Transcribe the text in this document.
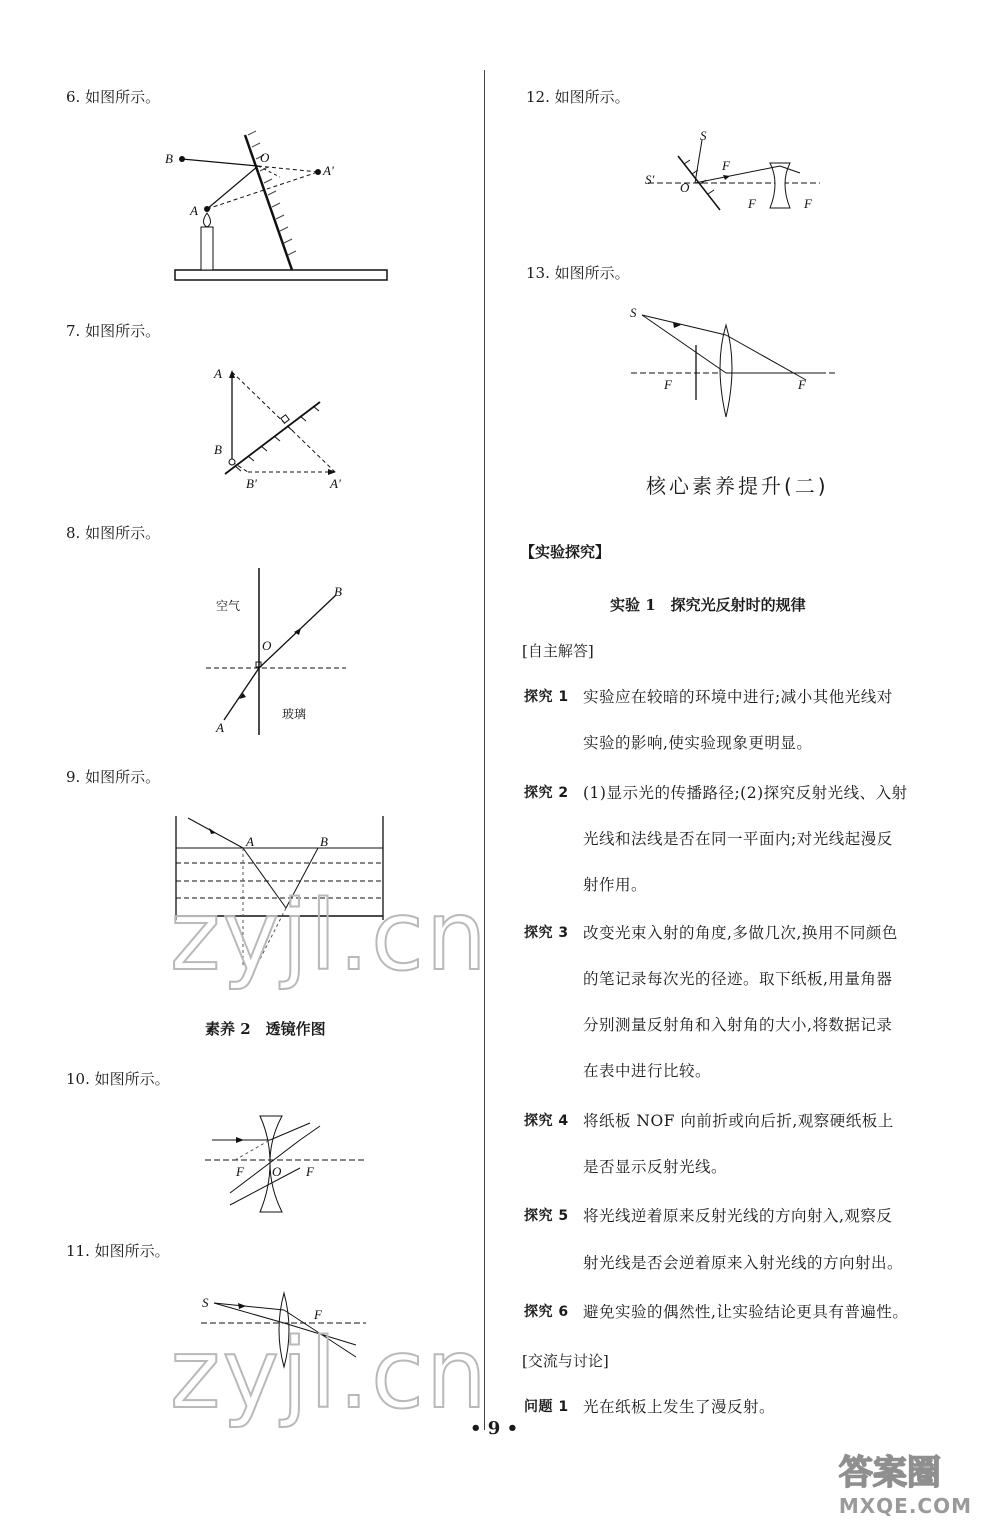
6. 如图所示。
B	O
A'
A
7. 如图所示。
A
B
B'	A'
8. 如图所示。
空气
玻璃
O
A
B
9. 如图所示。
A	B
zyjl.cn
素养 2　透镜作图
10. 如图所示。
F O F
11. 如图所示。
S
F
zyjl.cn
12. 如图所示。
S
S'
O
F
F	F
13. 如图所示。
S
F	F
核心素养提升(二)
【实验探究】
实验 1　探究光反射时的规律
[自主解答]
探究 1 实验应在较暗的环境中进行;减小其他光线对
实验的影响,使实验现象更明显。
探究 2 (1)显示光的传播路径;(2)探究反射光线、入射
光线和法线是否在同一平面内;对光线起漫反
射作用。
探究 3 改变光束入射的角度,多做几次,换用不同颜色
的笔记录每次光的径迹。取下纸板,用量角器
分别测量反射角和入射角的大小,将数据记录
在表中进行比较。
探究 4 将纸板 NOF 向前折或向后折,观察硬纸板上
是否显示反射光线。
探究 5 将光线逆着原来反射光线的方向射入,观察反
射光线是否会逆着原来入射光线的方向射出。
探究 6 避免实验的偶然性,让实验结论更具有普遍性。
[交流与讨论]
问题 1 光在纸板上发生了漫反射。
• 9 •
答案圈
MXQE.COM
